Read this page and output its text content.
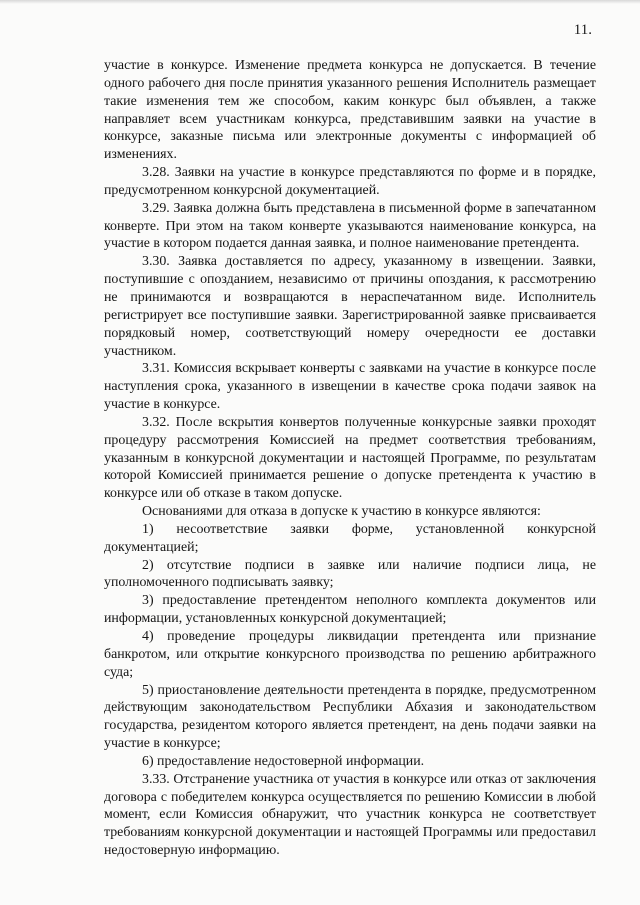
11.

участие в конкурсе. Изменение предмета конкурса не допускается. В течение одного рабочего дня после принятия указанного решения Исполнитель размещает такие изменения тем же способом, каким конкурс был объявлен, а также направляет всем участникам конкурса, представившим заявки на участие в конкурсе, заказные письма или электронные документы с информацией об изменениях.

3.28. Заявки на участие в конкурсе представляются по форме и в порядке, предусмотренном конкурсной документацией.

3.29. Заявка должна быть представлена в письменной форме в запечатанном конверте. При этом на таком конверте указываются наименование конкурса, на участие в котором подается данная заявка, и полное наименование претендента.

3.30. Заявка доставляется по адресу, указанному в извещении. Заявки, поступившие с опозданием, независимо от причины опоздания, к рассмотрению не принимаются и возвращаются в нераспечатанном виде. Исполнитель регистрирует все поступившие заявки. Зарегистрированной заявке присваивается порядковый номер, соответствующий номеру очередности ее доставки участником.

3.31. Комиссия вскрывает конверты с заявками на участие в конкурсе после наступления срока, указанного в извещении в качестве срока подачи заявок на участие в конкурсе.

3.32. После вскрытия конвертов полученные конкурсные заявки проходят процедуру рассмотрения Комиссией на предмет соответствия требованиям, указанным в конкурсной документации и настоящей Программе, по результатам которой Комиссией принимается решение о допуске претендента к участию в конкурсе или об отказе в таком допуске.

Основаниями для отказа в допуске к участию в конкурсе являются:

1) несоответствие заявки форме, установленной конкурсной документацией;

2) отсутствие подписи в заявке или наличие подписи лица, не уполномоченного подписывать заявку;

3) предоставление претендентом неполного комплекта документов или информации, установленных конкурсной документацией;

4) проведение процедуры ликвидации претендента или признание банкротом, или открытие конкурсного производства по решению арбитражного суда;

5) приостановление деятельности претендента в порядке, предусмотренном действующим законодательством Республики Абхазия и законодательством государства, резидентом которого является претендент, на день подачи заявки на участие в конкурсе;

6) предоставление недостоверной информации.

3.33. Отстранение участника от участия в конкурсе или отказ от заключения договора с победителем конкурса осуществляется по решению Комиссии в любой момент, если Комиссия обнаружит, что участник конкурса не соответствует требованиям конкурсной документации и настоящей Программы или предоставил недостоверную информацию.
